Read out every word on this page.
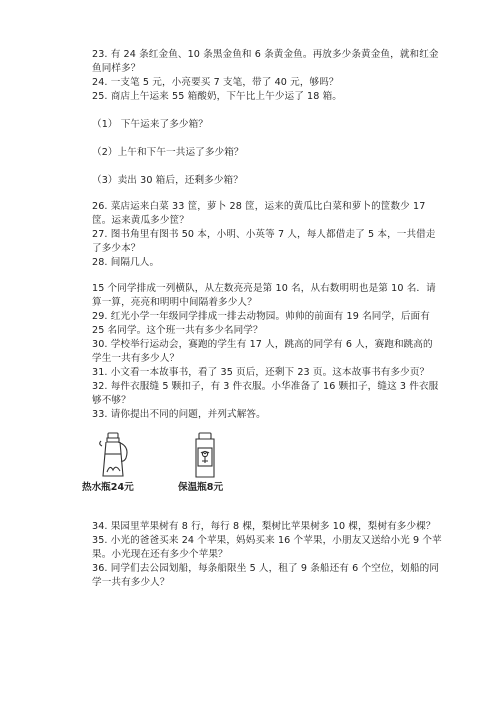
23. 有 24 条红金鱼、10 条黑金鱼和 6 条黄金鱼。再放多少条黄金鱼，就和红金
鱼同样多？
24. 一支笔 5 元，小亮要买 7 支笔，带了 40 元，够吗？
25. 商店上午运来 55 箱酸奶，下午比上午少运了 18 箱。
（1） 下午运来了多少箱？
（2）上午和下午一共运了多少箱？
（3）卖出 30 箱后，还剩多少箱？
26. 菜店运来白菜 33 筐，萝卜 28 筐，运来的黄瓜比白菜和萝卜的筐数少 17
筐。运来黄瓜多少筐？
27. 图书角里有图书 50 本，小明、小英等 7 人，每人都借走了 5 本，一共借走
了多少本？
28. 间隔几人。
15 个同学排成一列横队，从左数亮亮是第 10 名，从右数明明也是第 10 名．请
算一算，亮亮和明明中间隔着多少人？
29. 红光小学一年级同学排成一排去动物园。帅帅的前面有 19 名同学，后面有
25 名同学。这个班一共有多少名同学？
30. 学校举行运动会，赛跑的学生有 17 人，跳高的同学有 6 人，赛跑和跳高的
学生一共有多少人？
31. 小文看一本故事书，看了 35 页后，还剩下 23 页。这本故事书有多少页？
32. 每件衣服缝 5 颗扣子，有 3 件衣服。小华准备了 16 颗扣子，缝这 3 件衣服
够不够？
33. 请你提出不同的问题，并列式解答。
热水瓶24元	保温瓶8元
34. 果园里苹果树有 8 行，每行 8 棵，梨树比苹果树多 10 棵，梨树有多少棵？
35. 小光的爸爸买来 24 个苹果，妈妈买来 16 个苹果，小朋友又送给小光 9 个苹
果。小光现在还有多少个苹果？
36. 同学们去公园划船，每条船限坐 5 人，租了 9 条船还有 6 个空位，划船的同
学一共有多少人？
